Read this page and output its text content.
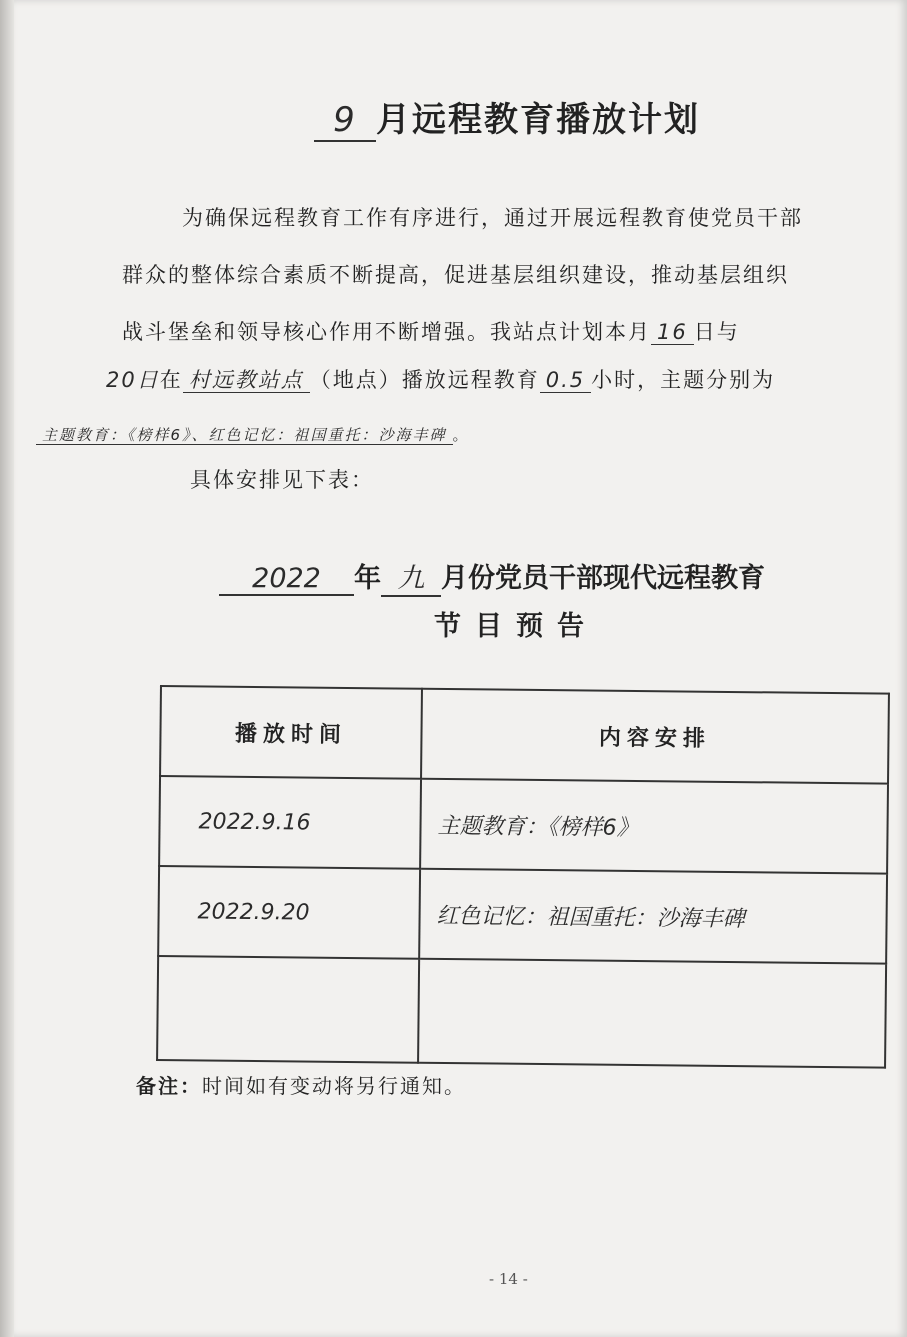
9 月远程教育播放计划
为确保远程教育工作有序进行，通过开展远程教育使党员干部
群众的整体综合素质不断提高，促进基层组织建设，推动基层组织
战斗堡垒和领导核心作用不断增强。我站点计划本月 16 日与
20日在 村远教站点 （地点）播放远程教育 0.5 小时，主题分别为
主题教育：《榜样6》、红色记忆：祖国重托：沙海丰碑 。
具体安排见下表：
2022 年 九 月份党员干部现代远程教育
节目预告
播放时间	内容安排
2022.9.16	主题教育：《榜样6》
2022.9.20	红色记忆：祖国重托：沙海丰碑

备注：时间如有变动将另行通知。
- 14 -
